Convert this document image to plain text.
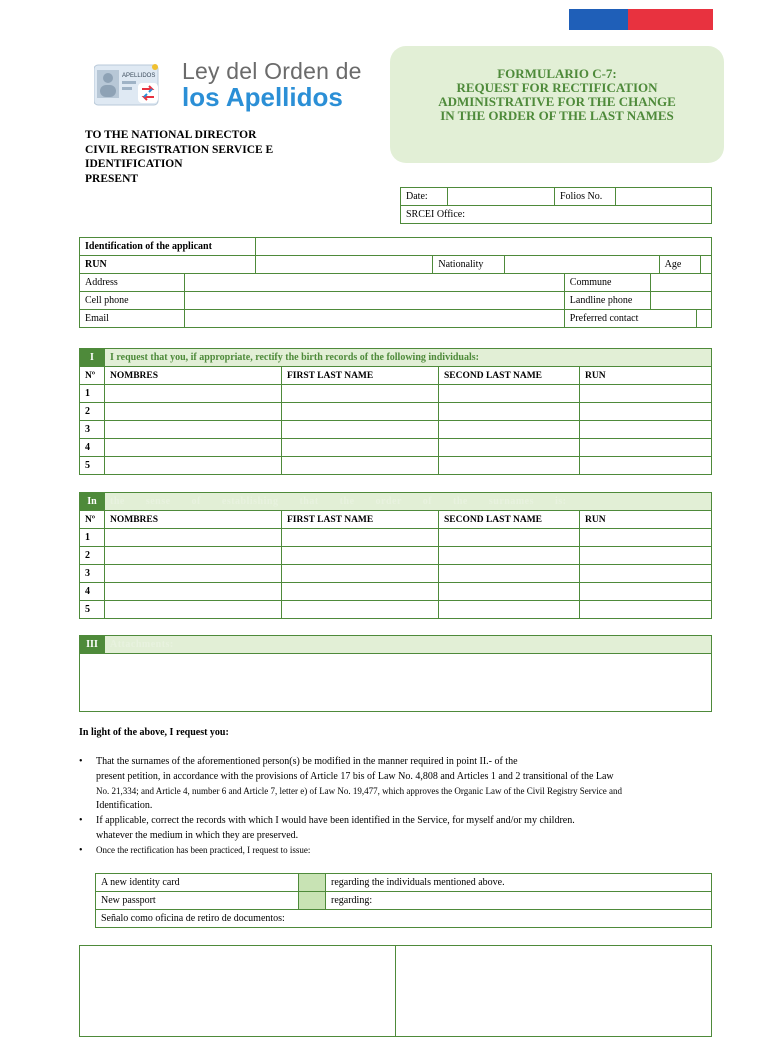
APELLIDOS Ley del Orden de
los Apellidos
FORMULARIO C-7:
REQUEST FOR RECTIFICATION
ADMINISTRATIVE FOR THE CHANGE
IN THE ORDER OF THE LAST NAMES
TO THE NATIONAL DIRECTOR
CIVIL REGISTRATION SERVICE E
IDENTIFICATION
PRESENT
Date:		Folios No.	
SRCEI Office:
Identification of the applicant					
RUN		Nationality		Age	
Address		Commune		
Cell phone		Landline phone		
Email		Preferred contact		
I	I request that you, if appropriate, rectify the birth records of the following individuals:			
Nº	NOMBRES	FIRST LAST NAME	SECOND LAST NAME	RUN
1				
2				
3				
4				
5				
In	the sense of establishing that the order of the surnames is:			
Nº	NOMBRES	FIRST LAST NAME	SECOND LAST NAME	RUN
1				
2				
3				
4				
5				
III	Attachments:

In light of the above, I request you:
• That the surnames of the aforementioned person(s) be modified in the manner required in point II.- of the
present petition, in accordance with the provisions of Article 17 bis of Law No. 4,808 and Articles 1 and 2 transitional of the Law
No. 21,334; and Article 4, number 6 and Article 7, letter e) of Law No. 19,477, which approves the Organic Law of the Civil Registry Service and
Identification.
• If applicable, correct the records with which I would have been identified in the Service, for myself and/or my children.
whatever the medium in which they are preserved.
• Once the rectification has been practiced, I request to issue:
A new identity card		regarding the individuals mentioned above.
New passport		regarding:
Señalo como oficina de retiro de documentos:		
